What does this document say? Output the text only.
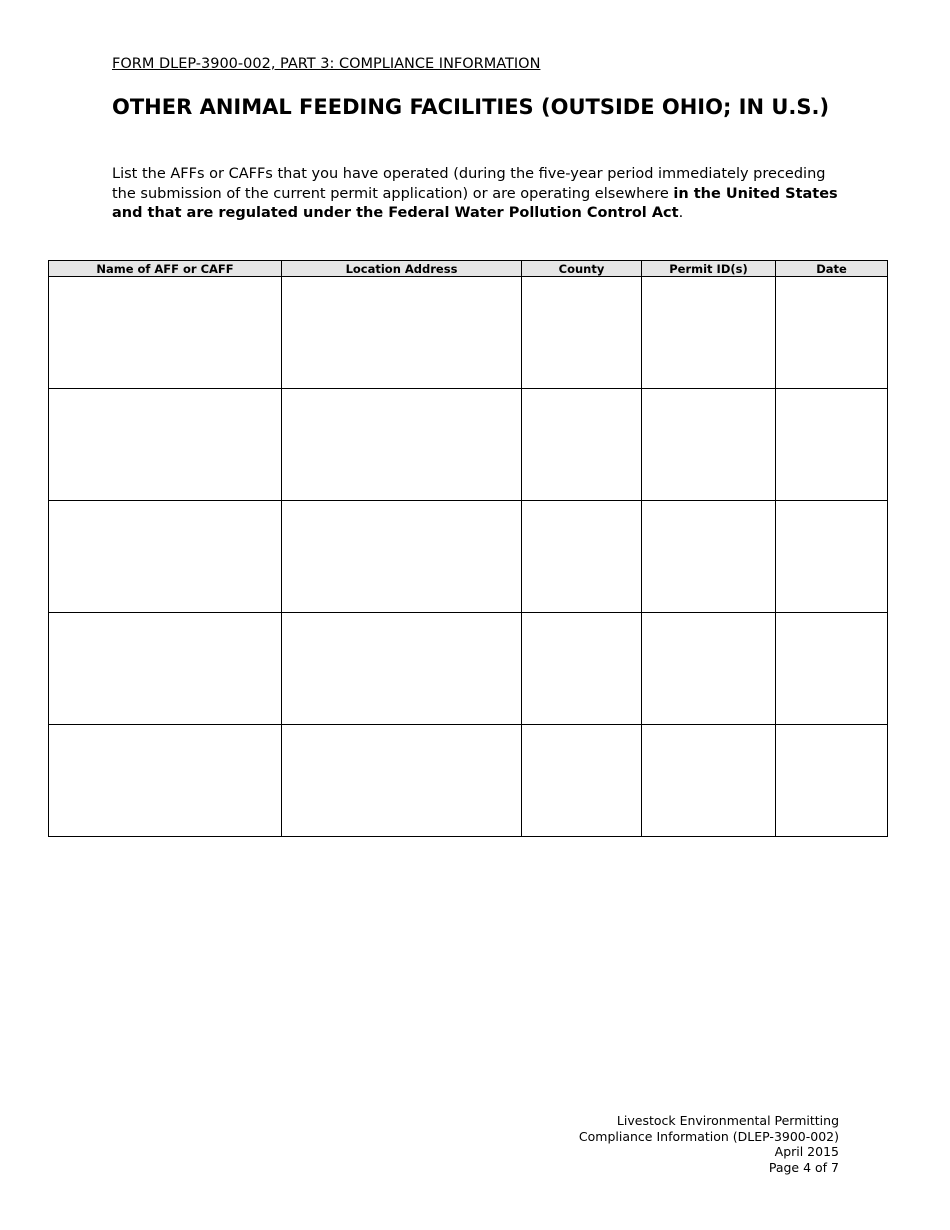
FORM DLEP-3900-002, PART 3: COMPLIANCE INFORMATION
OTHER ANIMAL FEEDING FACILITIES (OUTSIDE OHIO; IN U.S.)

List the AFFs or CAFFs that you have operated (during the five-year period immediately preceding the submission of the current permit application) or are operating elsewhere in the United States and that are regulated under the Federal Water Pollution Control Act.

Name of AFF or CAFF	Location Address	County	Permit ID(s)	Date

Livestock Environmental Permitting
Compliance Information (DLEP-3900-002)
April 2015
Page 4 of 7
